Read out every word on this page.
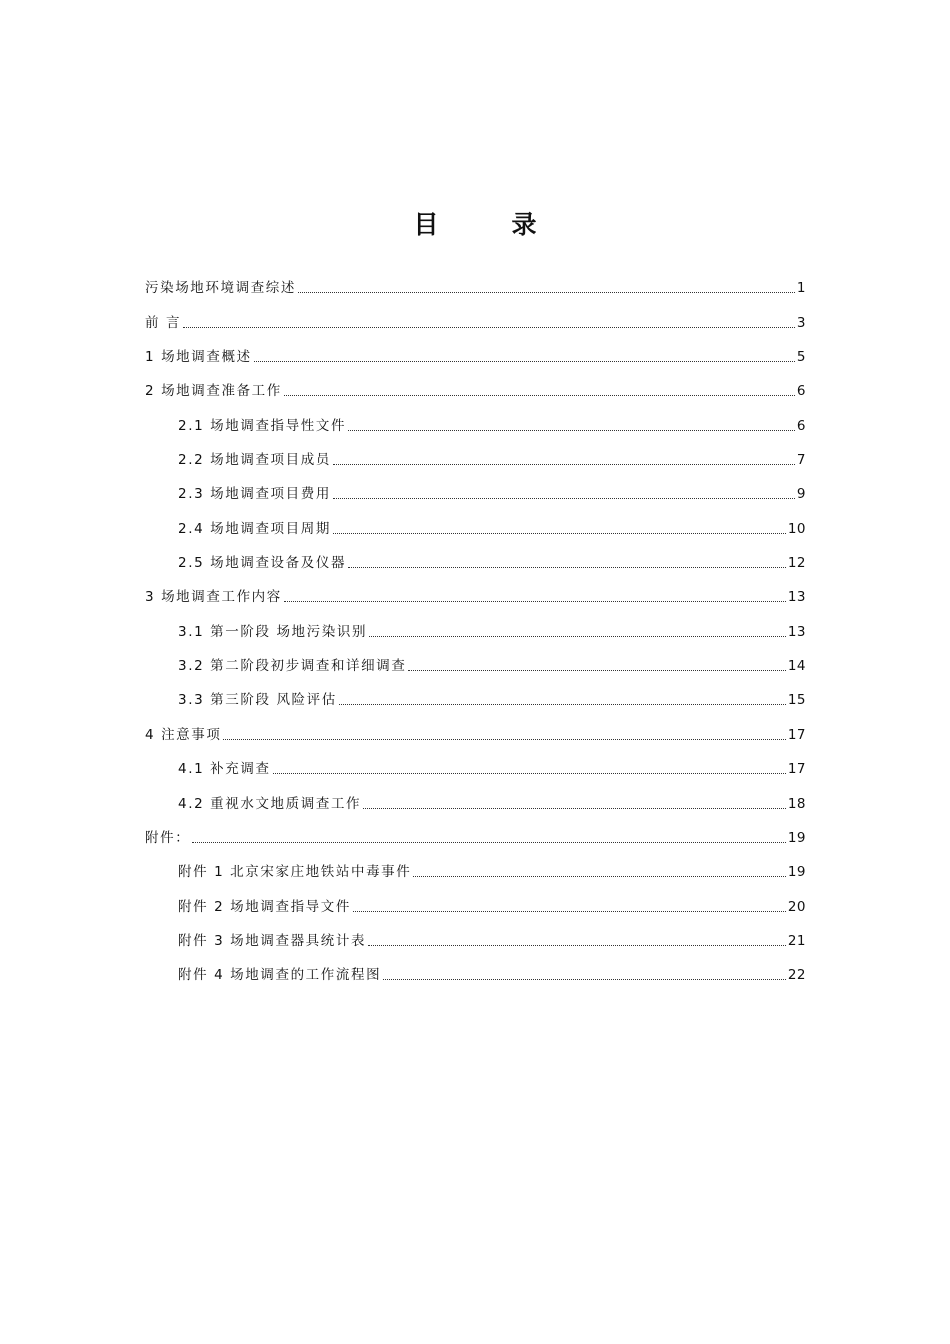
目　录
污染场地环境调查综述	1
前 言	3
1 场地调查概述	5
2 场地调查准备工作	6
2.1 场地调查指导性文件	6
2.2 场地调查项目成员	7
2.3 场地调查项目费用	9
2.4 场地调查项目周期	10
2.5 场地调查设备及仪器	12
3 场地调查工作内容	13
3.1 第一阶段 场地污染识别	13
3.2 第二阶段初步调查和详细调查	14
3.3 第三阶段 风险评估	15
4 注意事项	17
4.1 补充调查	17
4.2 重视水文地质调查工作	18
附件：	19
附件 1 北京宋家庄地铁站中毒事件	19
附件 2 场地调查指导文件	20
附件 3 场地调查器具统计表	21
附件 4 场地调查的工作流程图	22
